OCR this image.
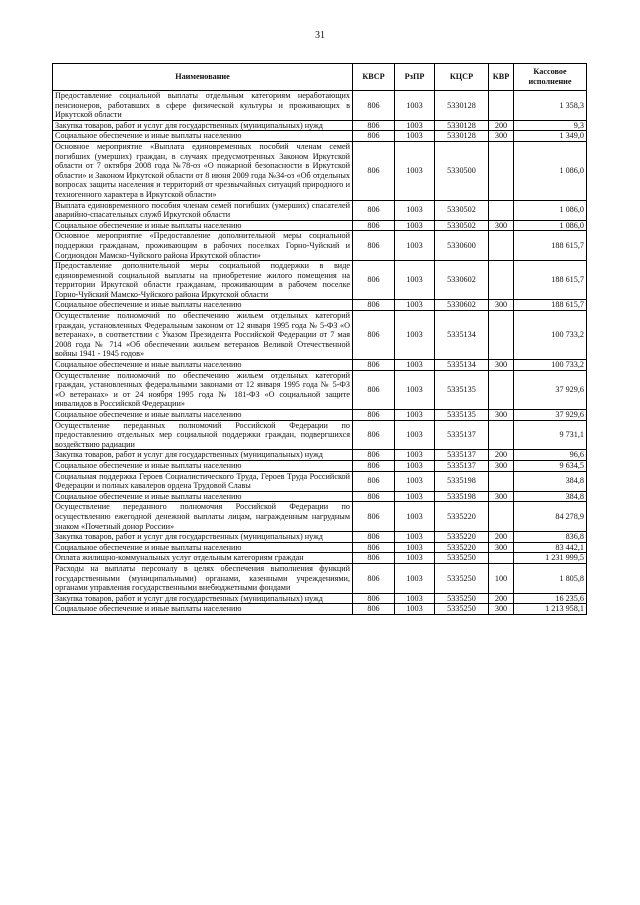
31
Наименование	КВСР	РзПР	КЦСР	КВР	Кассовое исполнение
Предоставление социальной выплаты отдельным категориям неработающих пенсионеров, работавших в сфере физической культуры и проживающих в Иркутской области	806	1003	5330128		1 358,3
Закупка товаров, работ и услуг для государственных (муниципальных) нужд	806	1003	5330128	200	9,3
Социальное обеспечение и иные выплаты населению	806	1003	5330128	300	1 349,0
Основное мероприятие «Выплата единовременных пособий членам семей погибших (умерших) граждан, в случаях предусмотренных Законом Иркутской области от 7 октября 2008 года №78-оз «О пожарной безопасности в Иркутской области» и Законом Иркутской области от 8 июня 2009 года №34-оз «Об отдельных вопросах защиты населения и территорий от чрезвычайных ситуаций природного и техногенного характера в Иркутской области»	806	1003	5330500		1 086,0
Выплата единовременного пособия членам семей погибших (умерших) спасателей аварийно-спасательных служб Иркутской области	806	1003	5330502		1 086,0
Социальное обеспечение и иные выплаты населению	806	1003	5330502	300	1 086,0
Основное мероприятие «Предоставление дополнительной меры социальной поддержки гражданам, проживающим в рабочих поселках Горно-Чуйский и Согдиондон Мамско-Чуйского района Иркутской области»	806	1003	5330600		188 615,7
Предоставление дополнительной меры социальной поддержки в виде единовременной социальной выплаты на приобретение жилого помещения на территории Иркутской области гражданам, проживающим в рабочем поселке Горно-Чуйский Мамско-Чуйского района Иркутской области	806	1003	5330602		188 615,7
Социальное обеспечение и иные выплаты населению	806	1003	5330602	300	188 615,7
Осуществление полномочий по обеспечению жильем отдельных категорий граждан, установленных Федеральным законом от 12 января 1995 года № 5-ФЗ «О ветеранах», в соответствии с Указом Президента Российской Федерации от 7 мая 2008 года № 714 «Об обеспечении жильем ветеранов Великой Отечественной войны 1941 - 1945 годов»	806	1003	5335134		100 733,2
Социальное обеспечение и иные выплаты населению	806	1003	5335134	300	100 733,2
Осуществление полномочий по обеспечению жильем отдельных категорий граждан, установленных федеральными законами от 12 января 1995 года № 5-ФЗ «О ветеранах» и от 24 ноября 1995 года № 181-ФЗ «О социальной защите инвалидов в Российской Федерации»	806	1003	5335135		37 929,6
Социальное обеспечение и иные выплаты населению	806	1003	5335135	300	37 929,6
Осуществление переданных полномочий Российской Федерации по предоставлению отдельных мер социальной поддержки граждан, подвергшихся воздействию радиации	806	1003	5335137		9 731,1
Закупка товаров, работ и услуг для государственных (муниципальных) нужд	806	1003	5335137	200	96,6
Социальное обеспечение и иные выплаты населению	806	1003	5335137	300	9 634,5
Социальная поддержка Героев Социалистического Труда, Героев Труда Российской Федерации и полных кавалеров ордена Трудовой Славы	806	1003	5335198		384,8
Социальное обеспечение и иные выплаты населению	806	1003	5335198	300	384,8
Осуществление переданного полномочия Российской Федерации по осуществлению ежегодной денежной выплаты лицам, награжденным нагрудным знаком «Почетный донор России»	806	1003	5335220		84 278,9
Закупка товаров, работ и услуг для государственных (муниципальных) нужд	806	1003	5335220	200	836,8
Социальное обеспечение и иные выплаты населению	806	1003	5335220	300	83 442,1
Оплата жилищно-коммунальных услуг отдельным категориям граждан	806	1003	5335250		1 231 999,5
Расходы на выплаты персоналу в целях обеспечения выполнения функций государственными (муниципальными) органами, казенными учреждениями, органами управления государственными внебюджетными фондами	806	1003	5335250	100	1 805,8
Закупка товаров, работ и услуг для государственных (муниципальных) нужд	806	1003	5335250	200	16 235,6
Социальное обеспечение и иные выплаты населению	806	1003	5335250	300	1 213 958,1
